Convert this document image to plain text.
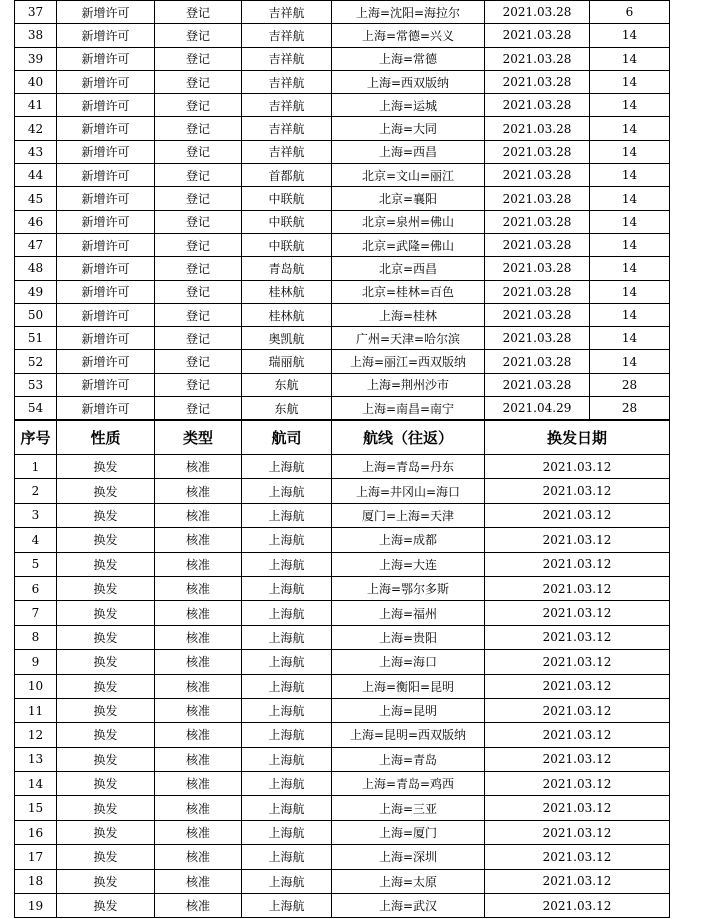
37	新增许可	登记	吉祥航	上海=沈阳=海拉尔	2021.03.28	6
38	新增许可	登记	吉祥航	上海=常德=兴义	2021.03.28	14
39	新增许可	登记	吉祥航	上海=常德	2021.03.28	14
40	新增许可	登记	吉祥航	上海=西双版纳	2021.03.28	14
41	新增许可	登记	吉祥航	上海=运城	2021.03.28	14
42	新增许可	登记	吉祥航	上海=大同	2021.03.28	14
43	新增许可	登记	吉祥航	上海=西昌	2021.03.28	14
44	新增许可	登记	首都航	北京=文山=丽江	2021.03.28	14
45	新增许可	登记	中联航	北京=襄阳	2021.03.28	14
46	新增许可	登记	中联航	北京=泉州=佛山	2021.03.28	14
47	新增许可	登记	中联航	北京=武隆=佛山	2021.03.28	14
48	新增许可	登记	青岛航	北京=西昌	2021.03.28	14
49	新增许可	登记	桂林航	北京=桂林=百色	2021.03.28	14
50	新增许可	登记	桂林航	上海=桂林	2021.03.28	14
51	新增许可	登记	奥凯航	广州=天津=哈尔滨	2021.03.28	14
52	新增许可	登记	瑞丽航	上海=丽江=西双版纳	2021.03.28	14
53	新增许可	登记	东航	上海=荆州沙市	2021.03.28	28
54	新增许可	登记	东航	上海=南昌=南宁	2021.04.29	28
序号	性质	类型	航司	航线（往返）	换发日期
1	换发	核准	上海航	上海=青岛=丹东	2021.03.12
2	换发	核准	上海航	上海=井冈山=海口	2021.03.12
3	换发	核准	上海航	厦门=上海=天津	2021.03.12
4	换发	核准	上海航	上海=成都	2021.03.12
5	换发	核准	上海航	上海=大连	2021.03.12
6	换发	核准	上海航	上海=鄂尔多斯	2021.03.12
7	换发	核准	上海航	上海=福州	2021.03.12
8	换发	核准	上海航	上海=贵阳	2021.03.12
9	换发	核准	上海航	上海=海口	2021.03.12
10	换发	核准	上海航	上海=衡阳=昆明	2021.03.12
11	换发	核准	上海航	上海=昆明	2021.03.12
12	换发	核准	上海航	上海=昆明=西双版纳	2021.03.12
13	换发	核准	上海航	上海=青岛	2021.03.12
14	换发	核准	上海航	上海=青岛=鸡西	2021.03.12
15	换发	核准	上海航	上海=三亚	2021.03.12
16	换发	核准	上海航	上海=厦门	2021.03.12
17	换发	核准	上海航	上海=深圳	2021.03.12
18	换发	核准	上海航	上海=太原	2021.03.12
19	换发	核准	上海航	上海=武汉	2021.03.12
